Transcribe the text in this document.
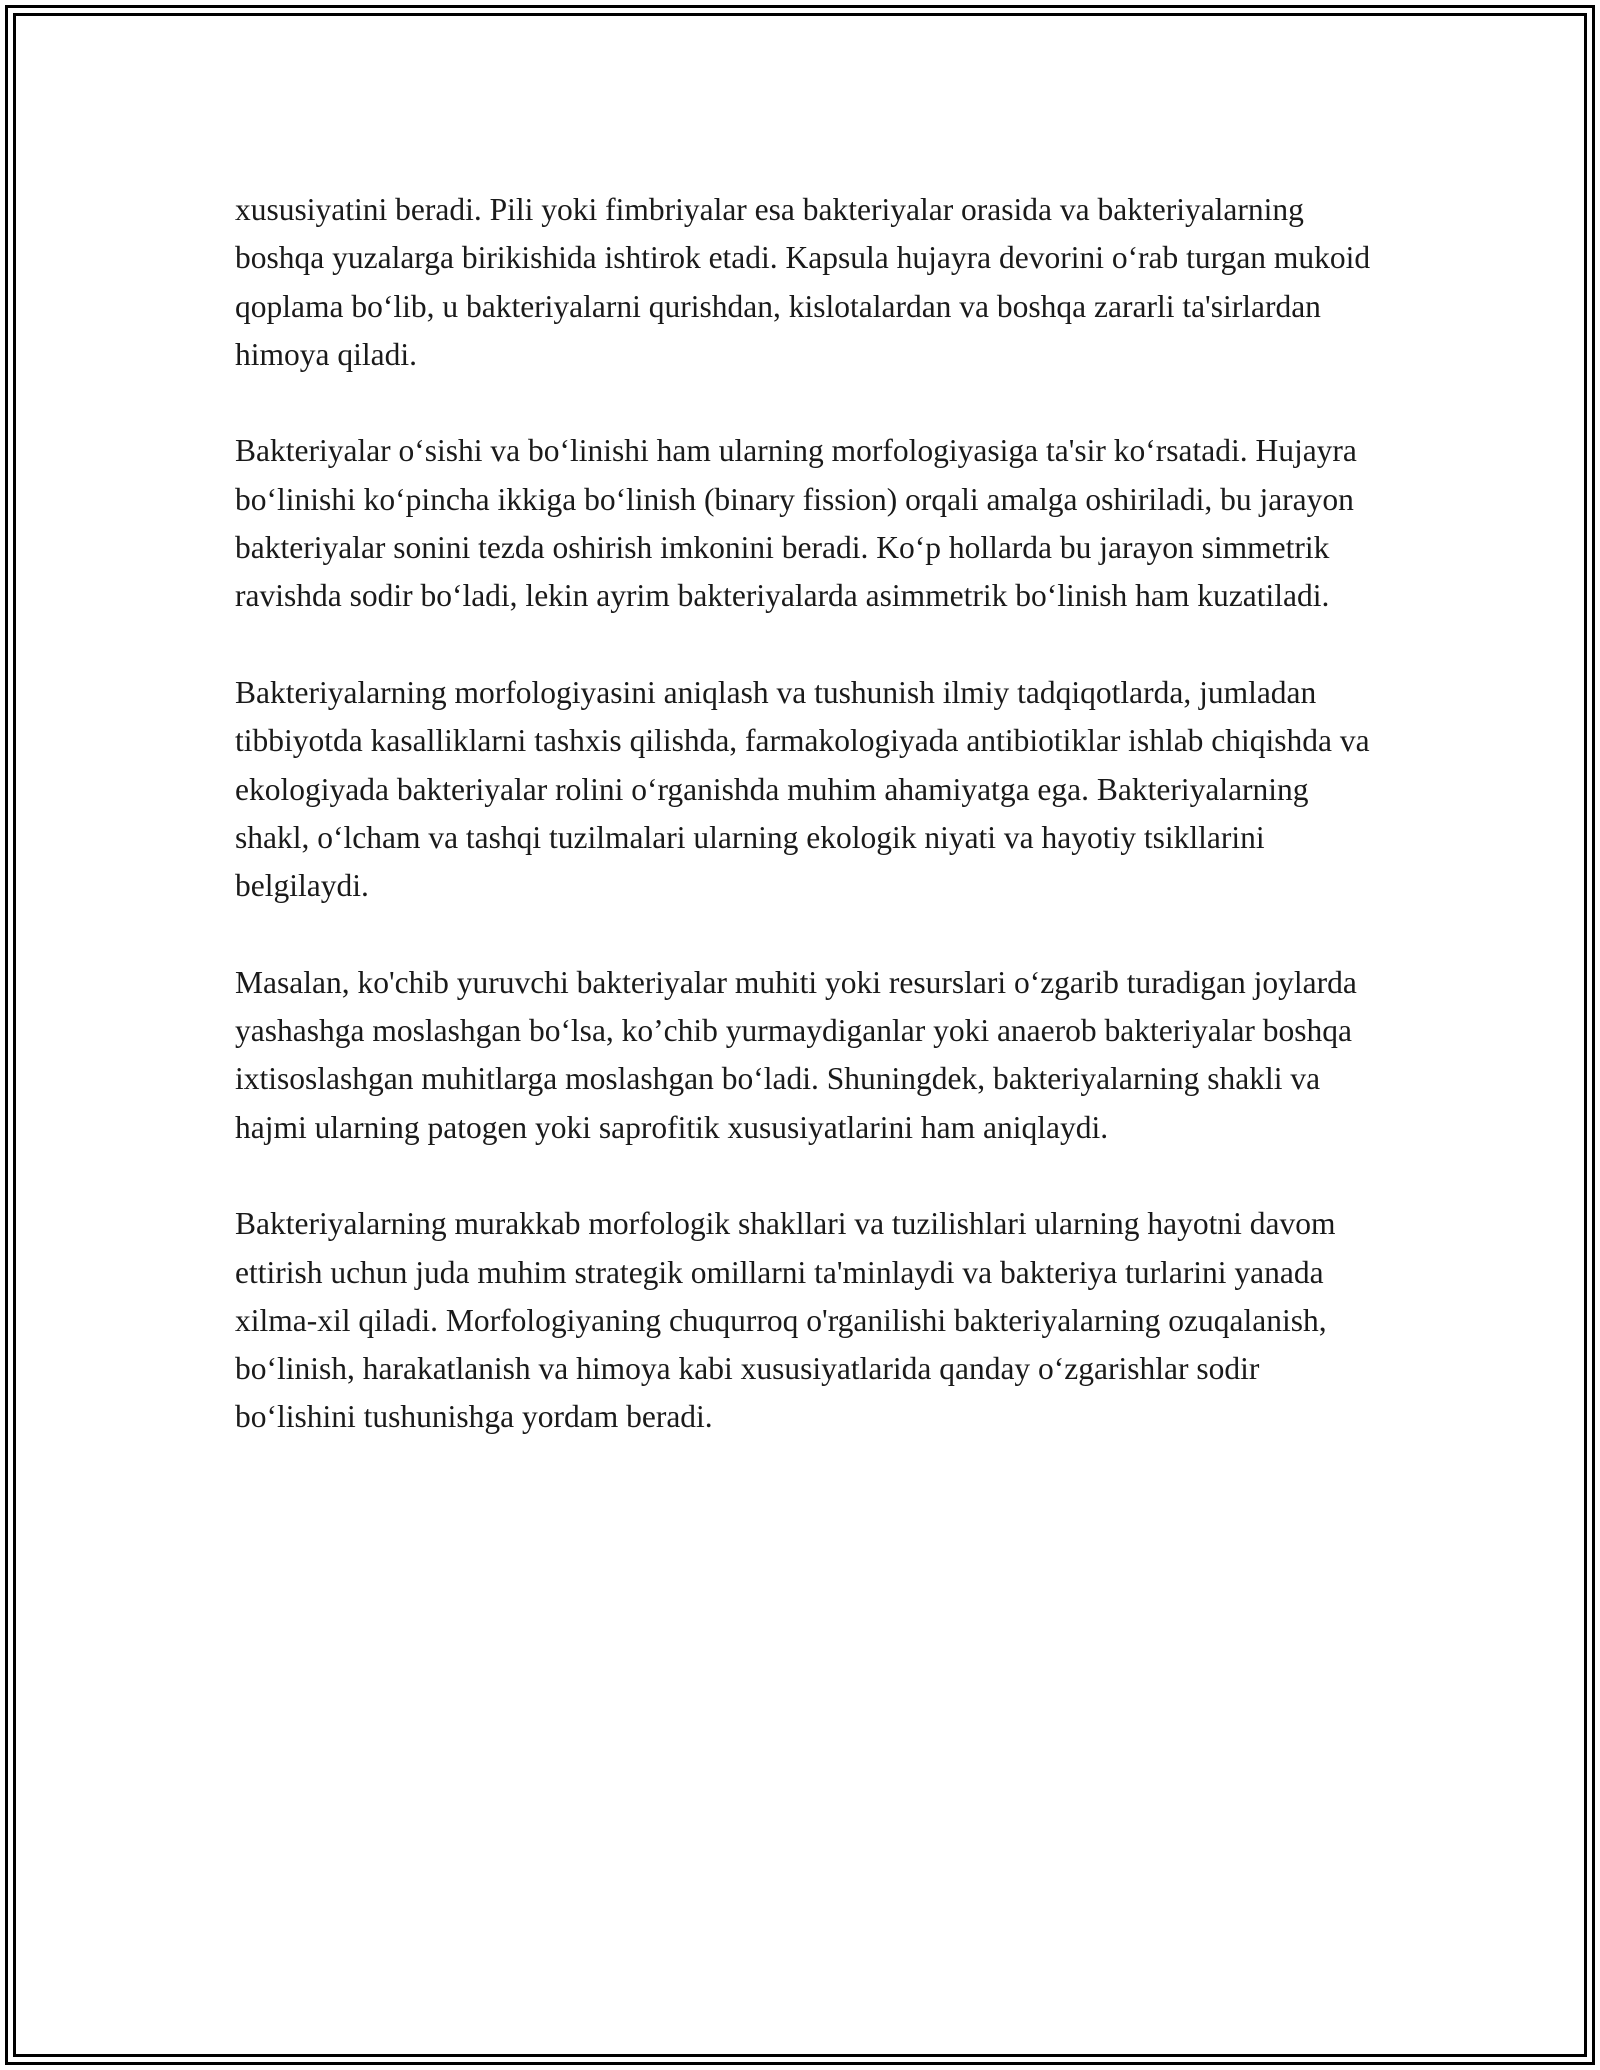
xususiyatini beradi. Pili yoki fimbriyalar esa bakteriyalar orasida va bakteriyalarning boshqa yuzalarga birikishida ishtirok etadi. Kapsula hujayra devorini o‘rab turgan mukoid qoplama bo‘lib, u bakteriyalarni qurishdan, kislotalardan va boshqa zararli ta'sirlardan himoya qiladi.

Bakteriyalar o‘sishi va bo‘linishi ham ularning morfologiyasiga ta'sir ko‘rsatadi. Hujayra bo‘linishi ko‘pincha ikkiga bo‘linish (binary fission) orqali amalga oshiriladi, bu jarayon bakteriyalar sonini tezda oshirish imkonini beradi. Ko‘p hollarda bu jarayon simmetrik ravishda sodir bo‘ladi, lekin ayrim bakteriyalarda asimmetrik bo‘linish ham kuzatiladi.

Bakteriyalarning morfologiyasini aniqlash va tushunish ilmiy tadqiqotlarda, jumladan tibbiyotda kasalliklarni tashxis qilishda, farmakologiyada antibiotiklar ishlab chiqishda va ekologiyada bakteriyalar rolini o‘rganishda muhim ahamiyatga ega. Bakteriyalarning shakl, o‘lcham va tashqi tuzilmalari ularning ekologik niyati va hayotiy tsikllarini belgilaydi.

Masalan, ko'chib yuruvchi bakteriyalar muhiti yoki resurslari o‘zgarib turadigan joylarda yashashga moslashgan bo‘lsa, ko’chib yurmaydiganlar yoki anaerob bakteriyalar boshqa ixtisoslashgan muhitlarga moslashgan bo‘ladi. Shuningdek, bakteriyalarning shakli va hajmi ularning patogen yoki saprofitik xususiyatlarini ham aniqlaydi.

Bakteriyalarning murakkab morfologik shakllari va tuzilishlari ularning hayotni davom ettirish uchun juda muhim strategik omillarni ta'minlaydi va bakteriya turlarini yanada xilma-xil qiladi. Morfologiyaning chuqurroq o'rganilishi bakteriyalarning ozuqalanish, bo‘linish, harakatlanish va himoya kabi xususiyatlarida qanday o‘zgarishlar sodir bo‘lishini tushunishga yordam beradi.
